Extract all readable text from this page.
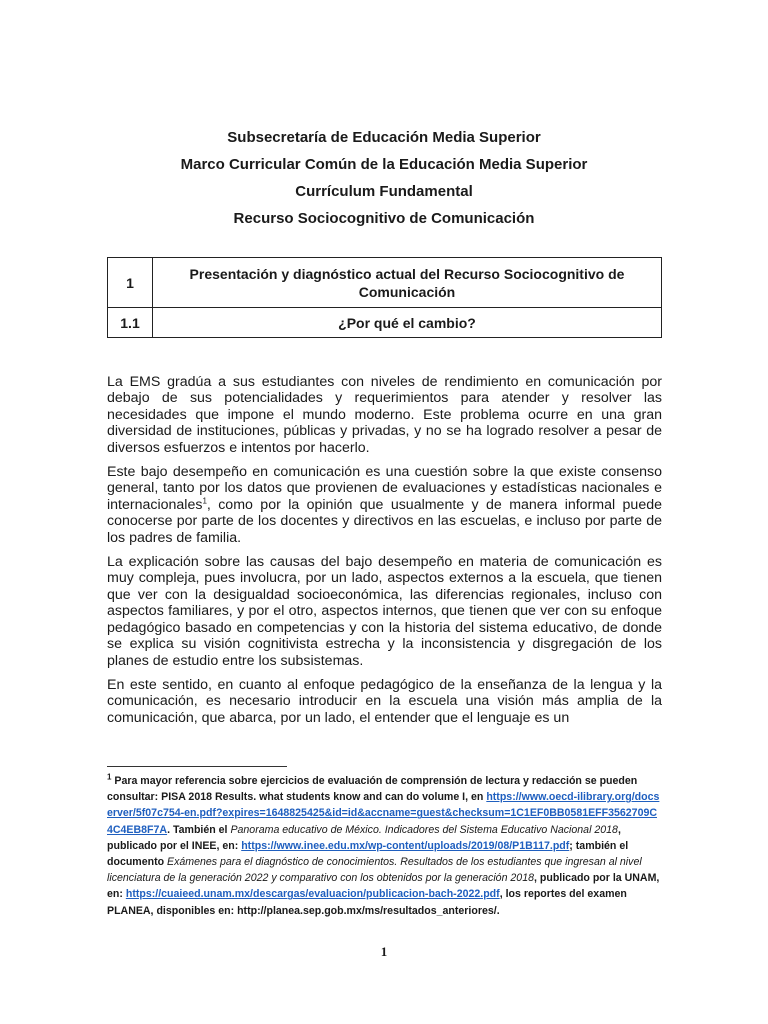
Subsecretaría de Educación Media Superior
Marco Curricular Común de la Educación Media Superior
Currículum Fundamental
Recurso Sociocognitivo de Comunicación
1	Presentación y diagnóstico actual del Recurso Sociocognitivo de Comunicación
1.1	¿Por qué el cambio?

La EMS gradúa a sus estudiantes con niveles de rendimiento en comunicación por debajo de sus potencialidades y requerimientos para atender y resolver las necesidades que impone el mundo moderno. Este problema ocurre en una gran diversidad de instituciones, públicas y privadas, y no se ha logrado resolver a pesar de diversos esfuerzos e intentos por hacerlo.

Este bajo desempeño en comunicación es una cuestión sobre la que existe consenso general, tanto por los datos que provienen de evaluaciones y estadísticas nacionales e internacionales$^1$, como por la opinión que usualmente y de manera informal puede conocerse por parte de los docentes y directivos en las escuelas, e incluso por parte de los padres de familia.

La explicación sobre las causas del bajo desempeño en materia de comunicación es muy compleja, pues involucra, por un lado, aspectos externos a la escuela, que tienen que ver con la desigualdad socioeconómica, las diferencias regionales, incluso con aspectos familiares, y por el otro, aspectos internos, que tienen que ver con su enfoque pedagógico basado en competencias y con la historia del sistema educativo, de donde se explica su visión cognitivista estrecha y la inconsistencia y disgregación de los planes de estudio entre los subsistemas.

En este sentido, en cuanto al enfoque pedagógico de la enseñanza de la lengua y la comunicación, es necesario introducir en la escuela una visión más amplia de la comunicación, que abarca, por un lado, el entender que el lenguaje es un

$^1$ Para mayor referencia sobre ejercicios de evaluación de comprensión de lectura y redacción se pueden consultar: PISA 2018 Results. what students know and can do volume I, en https://www.oecd-ilibrary.org/docserver/5f07c754-en.pdf?expires=1648825425&id=id&accname=guest&checksum=1C1EF0BB0581EFF3562709C4C4EB8F7A. También el Panorama educativo de México. Indicadores del Sistema Educativo Nacional 2018, publicado por el INEE, en: https://www.inee.edu.mx/wp-content/uploads/2019/08/P1B117.pdf; también el documento Exámenes para el diagnóstico de conocimientos. Resultados de los estudiantes que ingresan al nivel licenciatura de la generación 2022 y comparativo con los obtenidos por la generación 2018, publicado por la UNAM, en: https://cuaieed.unam.mx/descargas/evaluacion/publicacion-bach-2022.pdf, los reportes del examen PLANEA, disponibles en: http://planea.sep.gob.mx/ms/resultados_anteriores/.
1
